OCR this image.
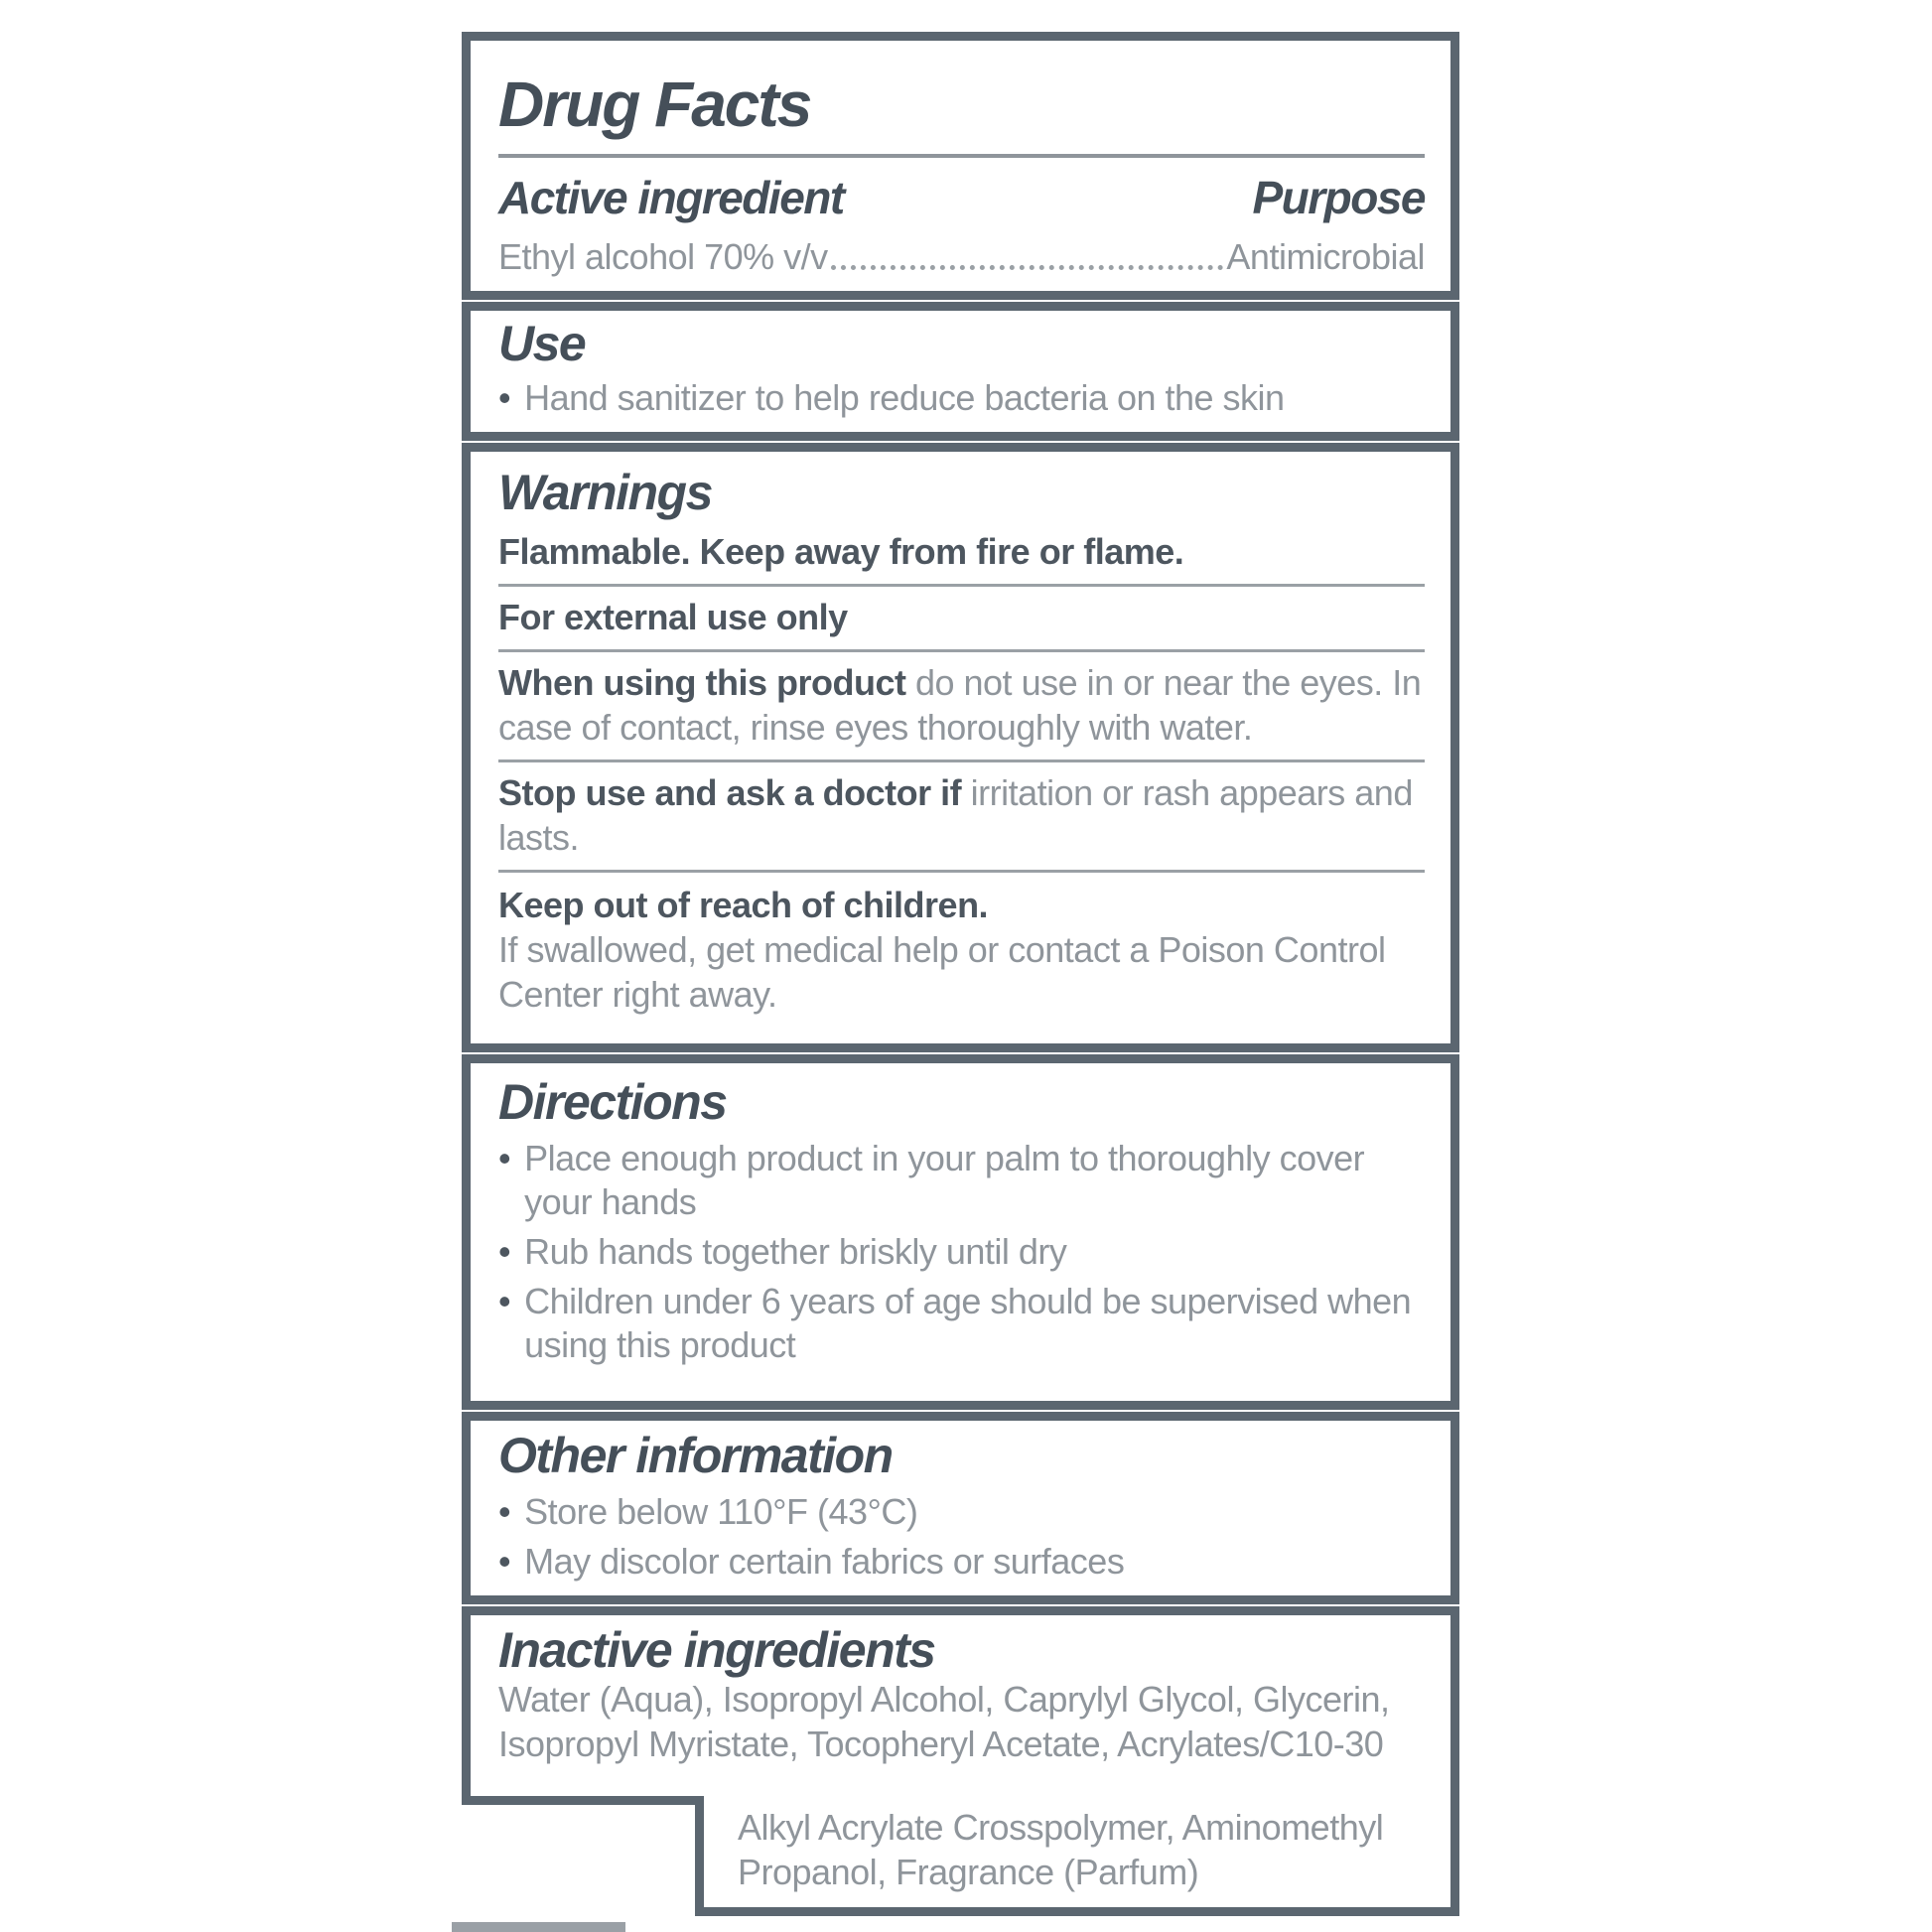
Drug Facts
Active ingredient	Purpose
Ethyl alcohol 70% v/v	Antimicrobial
Use
• Hand sanitizer to help reduce bacteria on the skin
Warnings
Flammable. Keep away from fire or flame.
For external use only
When using this product do not use in or near the eyes. In case of contact, rinse eyes thoroughly with water.
Stop use and ask a doctor if irritation or rash appears and lasts.
Keep out of reach of children.
If swallowed, get medical help or contact a Poison Control Center right away.
Directions
• Place enough product in your palm to thoroughly cover your hands
• Rub hands together briskly until dry
• Children under 6 years of age should be supervised when using this product
Other information
• Store below 110°F (43°C)
• May discolor certain fabrics or surfaces
Inactive ingredients
Water (Aqua), Isopropyl Alcohol, Caprylyl Glycol, Glycerin,
Isopropyl Myristate, Tocopheryl Acetate, Acrylates/C10-30
Alkyl Acrylate Crosspolymer, Aminomethyl
Propanol, Fragrance (Parfum)
